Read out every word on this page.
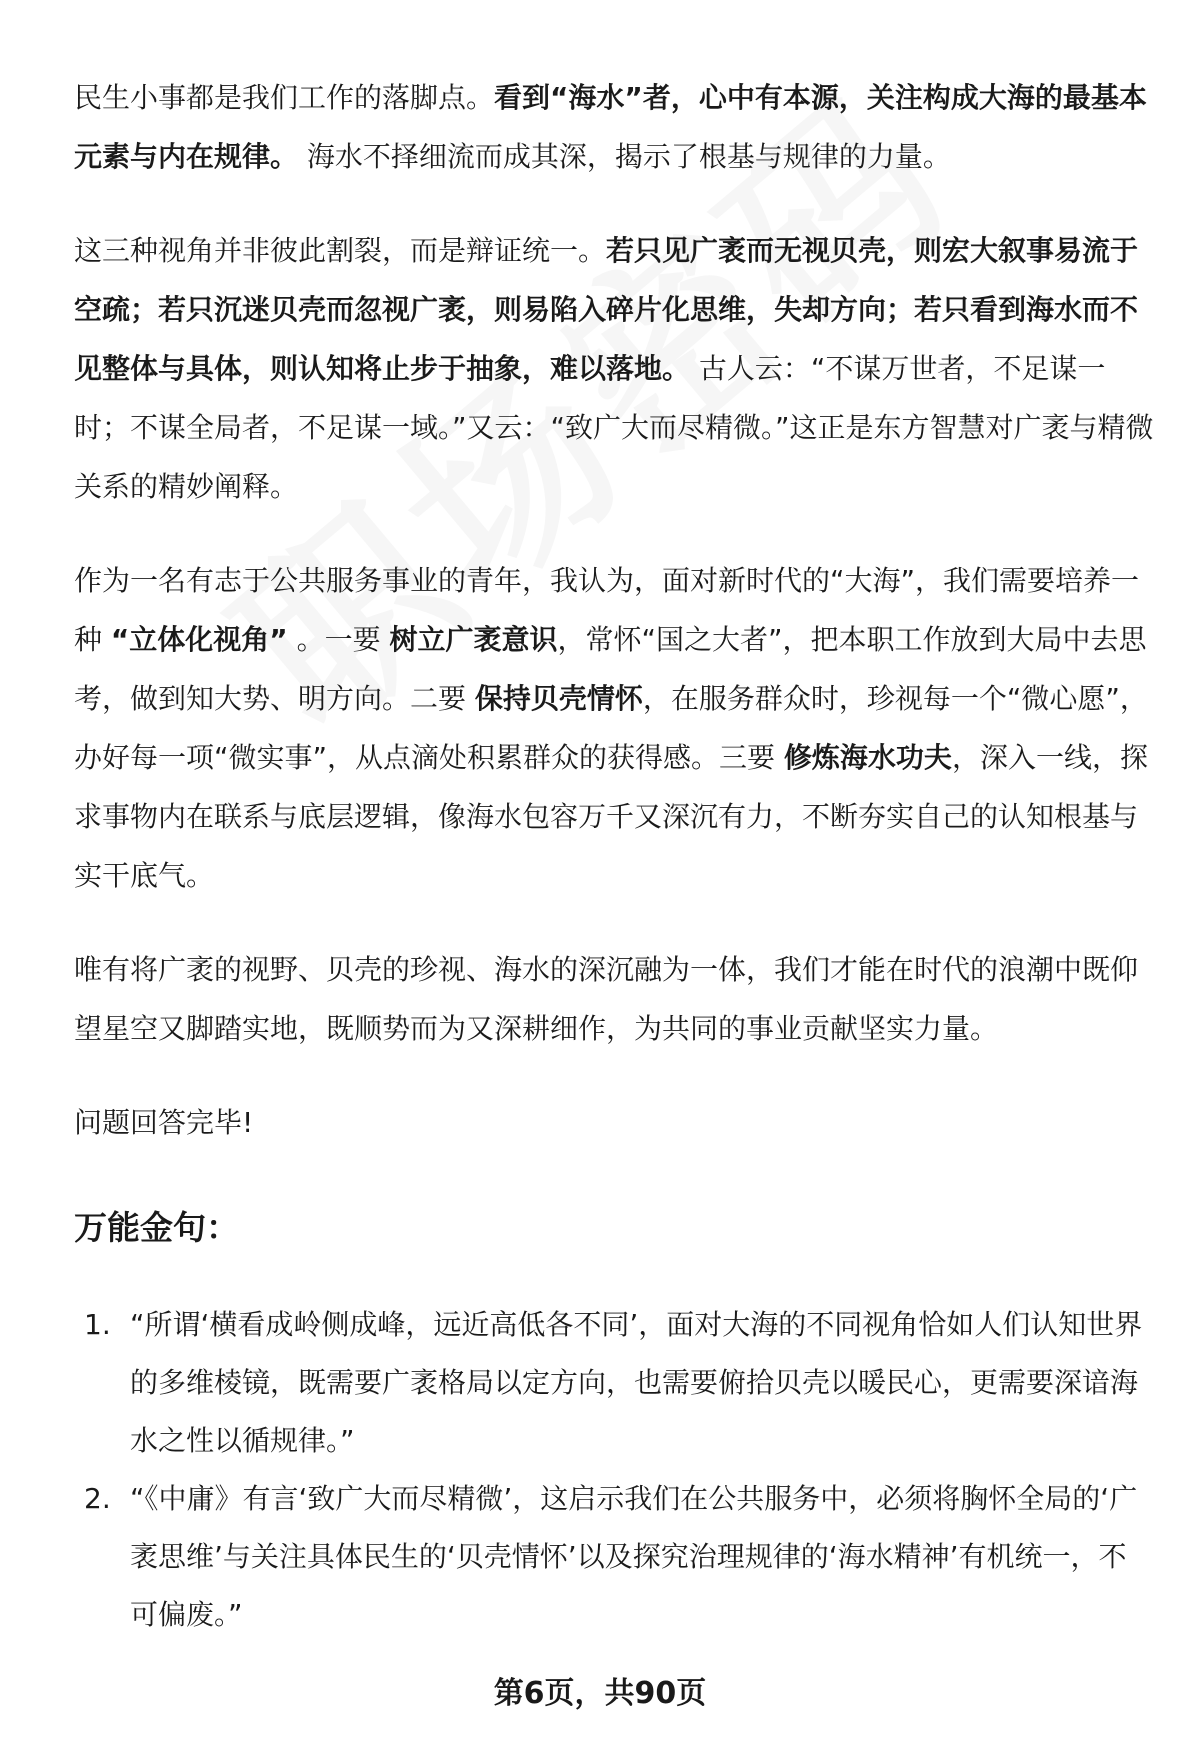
民生小事都是我们工作的落脚点。看到“海水”者，心中有本源，关注构成大海的最基本元素与内在规律。 海水不择细流而成其深，揭示了根基与规律的力量。

这三种视角并非彼此割裂，而是辩证统一。若只见广袤而无视贝壳，则宏大叙事易流于空疏；若只沉迷贝壳而忽视广袤，则易陷入碎片化思维，失却方向；若只看到海水而不见整体与具体，则认知将止步于抽象，难以落地。 古人云：“不谋万世者，不足谋一时；不谋全局者，不足谋一域。”又云：“致广大而尽精微。”这正是东方智慧对广袤与精微关系的精妙阐释。

作为一名有志于公共服务事业的青年，我认为，面对新时代的“大海”，我们需要培养一种 “立体化视角” 。一要 树立广袤意识，常怀“国之大者”，把本职工作放到大局中去思考，做到知大势、明方向。二要 保持贝壳情怀，在服务群众时，珍视每一个“微心愿”，办好每一项“微实事”，从点滴处积累群众的获得感。三要 修炼海水功夫，深入一线，探求事物内在联系与底层逻辑，像海水包容万千又深沉有力，不断夯实自己的认知根基与实干底气。

唯有将广袤的视野、贝壳的珍视、海水的深沉融为一体，我们才能在时代的浪潮中既仰望星空又脚踏实地，既顺势而为又深耕细作，为共同的事业贡献坚实力量。

问题回答完毕!

万能金句：
1. “所谓‘横看成岭侧成峰，远近高低各不同’，面对大海的不同视角恰如人们认知世界的多维棱镜，既需要广袤格局以定方向，也需要俯拾贝壳以暖民心，更需要深谙海水之性以循规律。”
2. “《中庸》有言‘致广大而尽精微’，这启示我们在公共服务中，必须将胸怀全局的‘广袤思维’与关注具体民生的‘贝壳情怀’以及探究治理规律的‘海水精神’有机统一，不可偏废。”
第6页，共90页
